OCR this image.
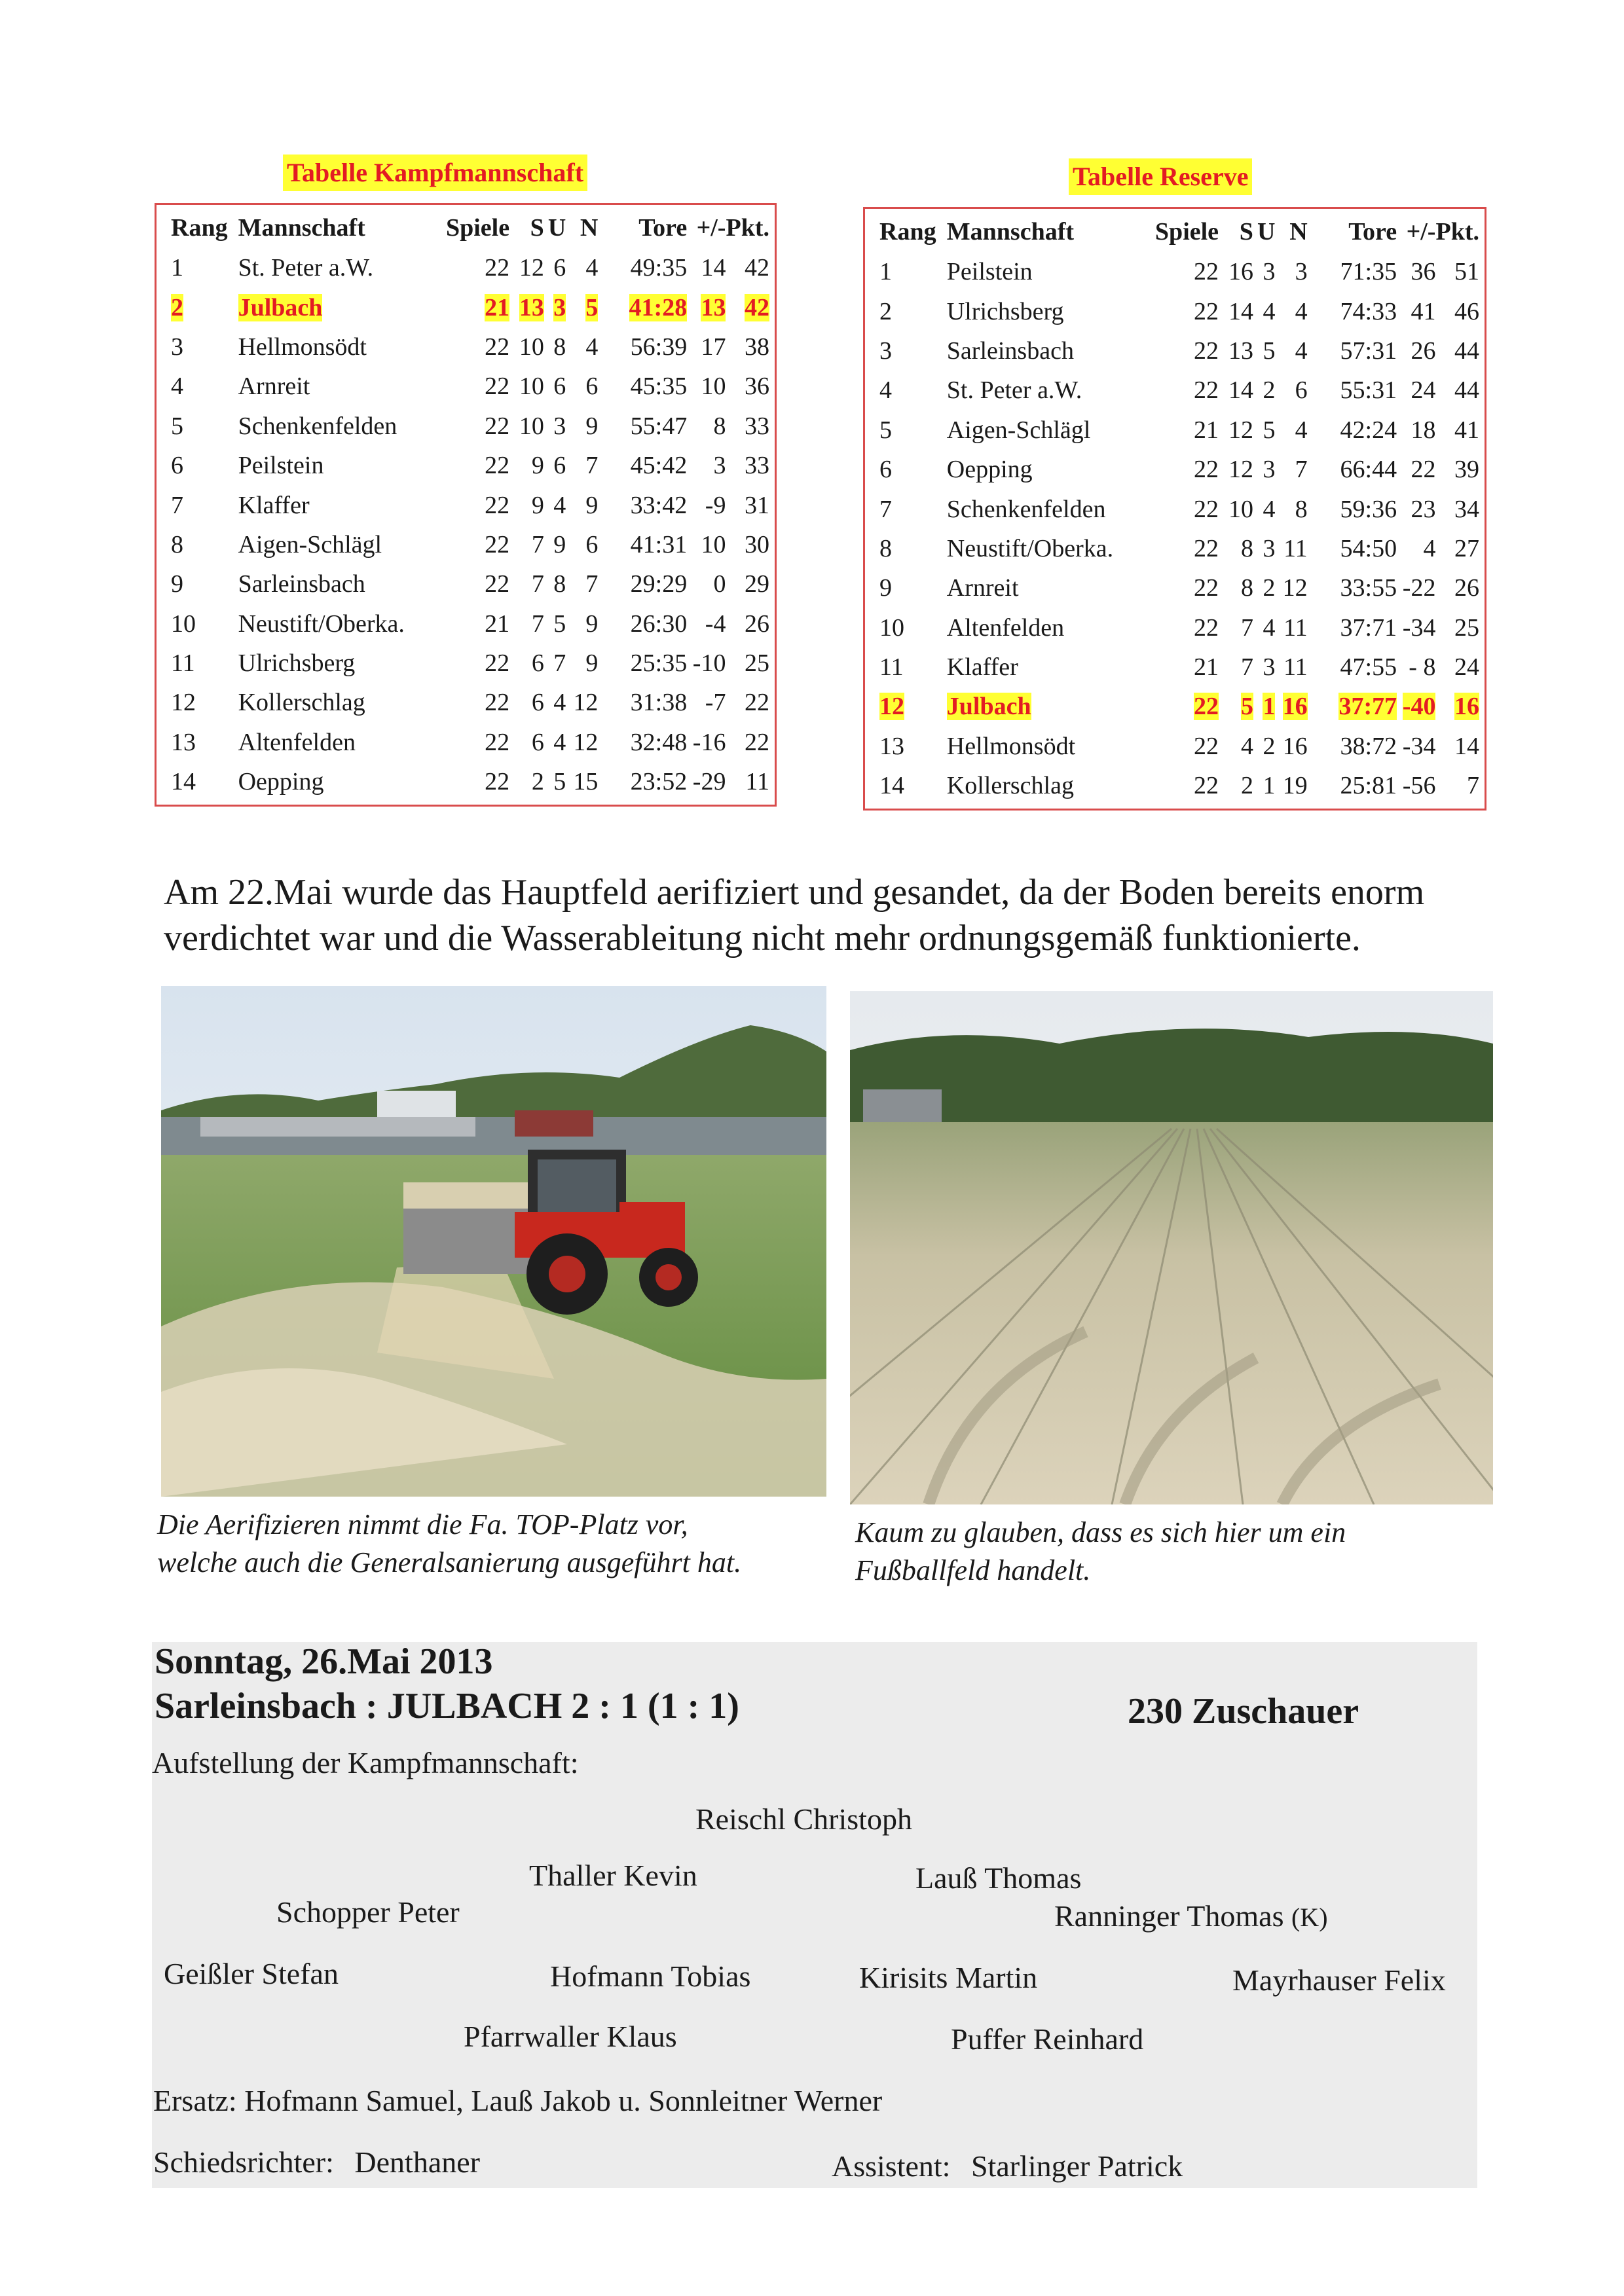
Tabelle Kampfmannschaft	Tabelle Reserve
Rang	Mannschaft	Spiele	S	U	N	Tore	+/-	Pkt.
1	St. Peter a.W.	22	12	6	4	49:35	14	42
2	Julbach	21	13	3	5	41:28	13	42
3	Hellmonsödt	22	10	8	4	56:39	17	38
4	Arnreit	22	10	6	6	45:35	10	36
5	Schenkenfelden	22	10	3	9	55:47	8	33
6	Peilstein	22	9	6	7	45:42	3	33
7	Klaffer	22	9	4	9	33:42	-9	31
8	Aigen-Schlägl	22	7	9	6	41:31	10	30
9	Sarleinsbach	22	7	8	7	29:29	0	29
10	Neustift/Oberka.	21	7	5	9	26:30	-4	26
11	Ulrichsberg	22	6	7	9	25:35	-10	25
12	Kollerschlag	22	6	4	12	31:38	-7	22
13	Altenfelden	22	6	4	12	32:48	-16	22
14	Oepping	22	2	5	15	23:52	-29	11
Rang	Mannschaft	Spiele	S	U	N	Tore	+/-	Pkt.
1	Peilstein	22	16	3	3	71:35	36	51
2	Ulrichsberg	22	14	4	4	74:33	41	46
3	Sarleinsbach	22	13	5	4	57:31	26	44
4	St. Peter a.W.	22	14	2	6	55:31	24	44
5	Aigen-Schlägl	21	12	5	4	42:24	18	41
6	Oepping	22	12	3	7	66:44	22	39
7	Schenkenfelden	22	10	4	8	59:36	23	34
8	Neustift/Oberka.	22	8	3	11	54:50	4	27
9	Arnreit	22	8	2	12	33:55	-22	26
10	Altenfelden	22	7	4	11	37:71	-34	25
11	Klaffer	21	7	3	11	47:55	- 8	24
12	Julbach	22	5	1	16	37:77	-40	16
13	Hellmonsödt	22	4	2	16	38:72	-34	14
14	Kollerschlag	22	2	1	19	25:81	-56	7
Am 22.Mai wurde das Hauptfeld aerifiziert und gesandet, da der Boden bereits enorm verdichtet war und die Wasserableitung nicht mehr ordnungsgemäß funktionierte.
Die Aerifizieren nimmt die Fa. TOP-Platz vor,
welche auch die Generalsanierung ausgeführt hat.
Kaum zu glauben, dass es sich hier um ein
Fußballfeld handelt.
Sonntag, 26.Mai 2013
Sarleinsbach : JULBACH 2 : 1 (1 : 1)	230 Zuschauer
Aufstellung der Kampfmannschaft:
Reischl Christoph
Thaller Kevin	Lauß Thomas
Schopper Peter	Ranninger Thomas (K)
Geißler Stefan	Hofmann Tobias	Kirisits Martin	Mayrhauser Felix
Pfarrwaller Klaus	Puffer Reinhard
Ersatz: Hofmann Samuel, Lauß Jakob u. Sonnleitner Werner
Schiedsrichter: Denthaner	Assistent: Starlinger Patrick
